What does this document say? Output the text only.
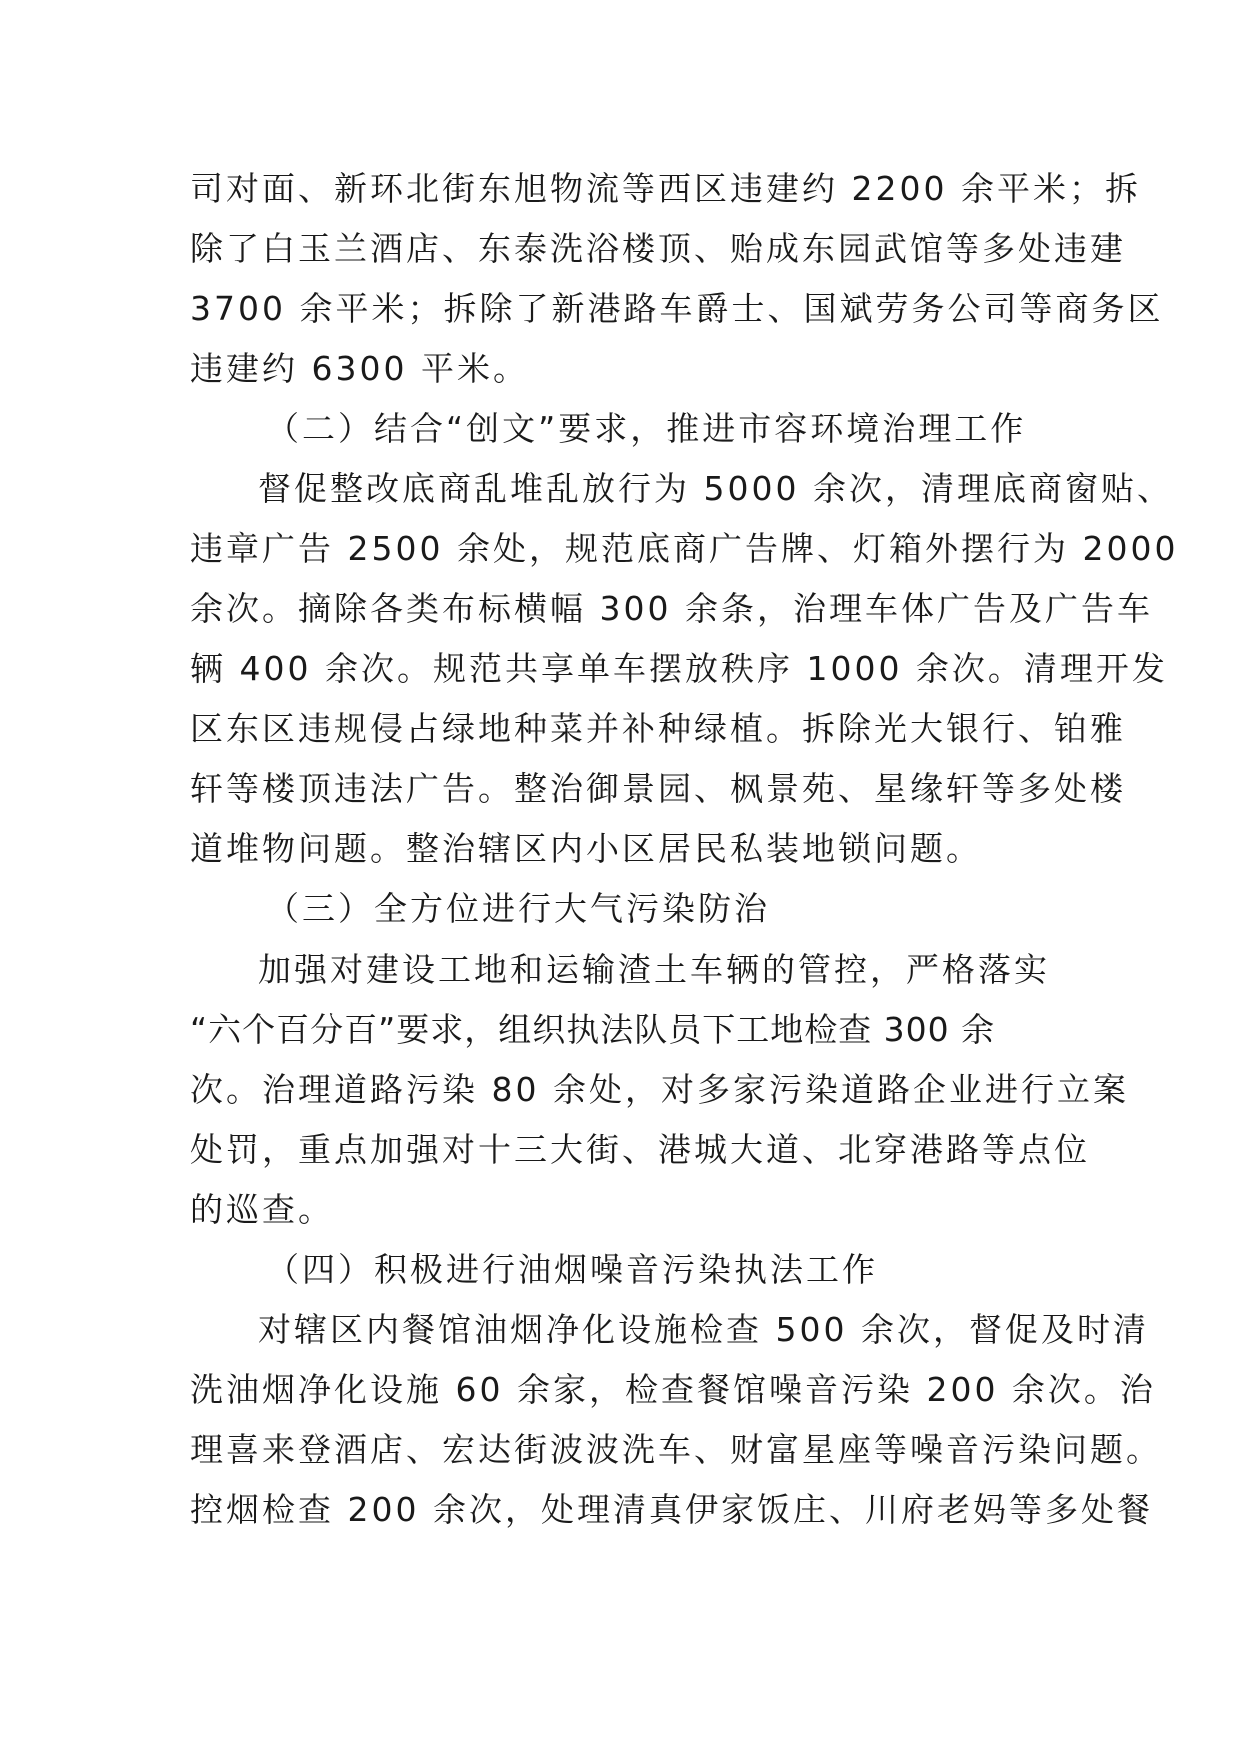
司对面、新环北街东旭物流等西区违建约 2200 余平米；拆
除了白玉兰酒店、东泰洗浴楼顶、贻成东园武馆等多处违建
3700 余平米；拆除了新港路车爵士、国斌劳务公司等商务区
违建约 6300 平米。
（二）结合“创文”要求，推进市容环境治理工作
督促整改底商乱堆乱放行为 5000 余次，清理底商窗贴、
违章广告 2500 余处，规范底商广告牌、灯箱外摆行为 2000
余次。摘除各类布标横幅 300 余条，治理车体广告及广告车
辆 400 余次。规范共享单车摆放秩序 1000 余次。清理开发
区东区违规侵占绿地种菜并补种绿植。拆除光大银行、铂雅
轩等楼顶违法广告。整治御景园、枫景苑、星缘轩等多处楼
道堆物问题。整治辖区内小区居民私装地锁问题。
（三）全方位进行大气污染防治
加强对建设工地和运输渣土车辆的管控，严格落实
“六个百分百”要求，组织执法队员下工地检查 300 余
次。治理道路污染 80 余处，对多家污染道路企业进行立案
处罚，重点加强对十三大街、港城大道、北穿港路等点位
的巡查。
（四）积极进行油烟噪音污染执法工作
对辖区内餐馆油烟净化设施检查 500 余次，督促及时清
洗油烟净化设施 60 余家，检查餐馆噪音污染 200 余次。治
理喜来登酒店、宏达街波波洗车、财富星座等噪音污染问题。
控烟检查 200 余次，处理清真伊家饭庄、川府老妈等多处餐
